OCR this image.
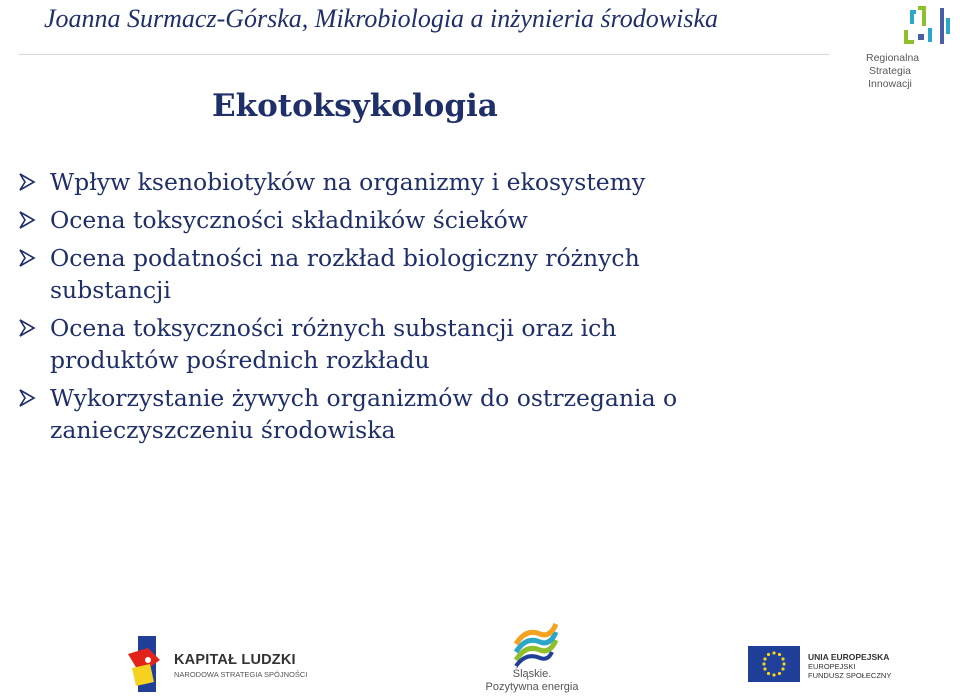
Joanna Surmacz-Górska, Mikrobiologia a inżynieria środowiska
Regionalna
Strategia
Innowacji
Ekotoksykologia
Wpływ ksenobiotyków na organizmy i ekosystemy
Ocena toksyczności składników ścieków
Ocena podatności na rozkład biologiczny różnych substancji
Ocena toksyczności różnych substancji oraz ich produktów pośrednich rozkładu
Wykorzystanie żywych organizmów do ostrzegania o zanieczyszczeniu środowiska
KAPITAŁ LUDZKI
NARODOWA STRATEGIA SPÓJNOŚCI	Śląskie.
Pozytywna energia
UNIA EUROPEJSKA
EUROPEJSKI
FUNDUSZ SPOŁECZNY
